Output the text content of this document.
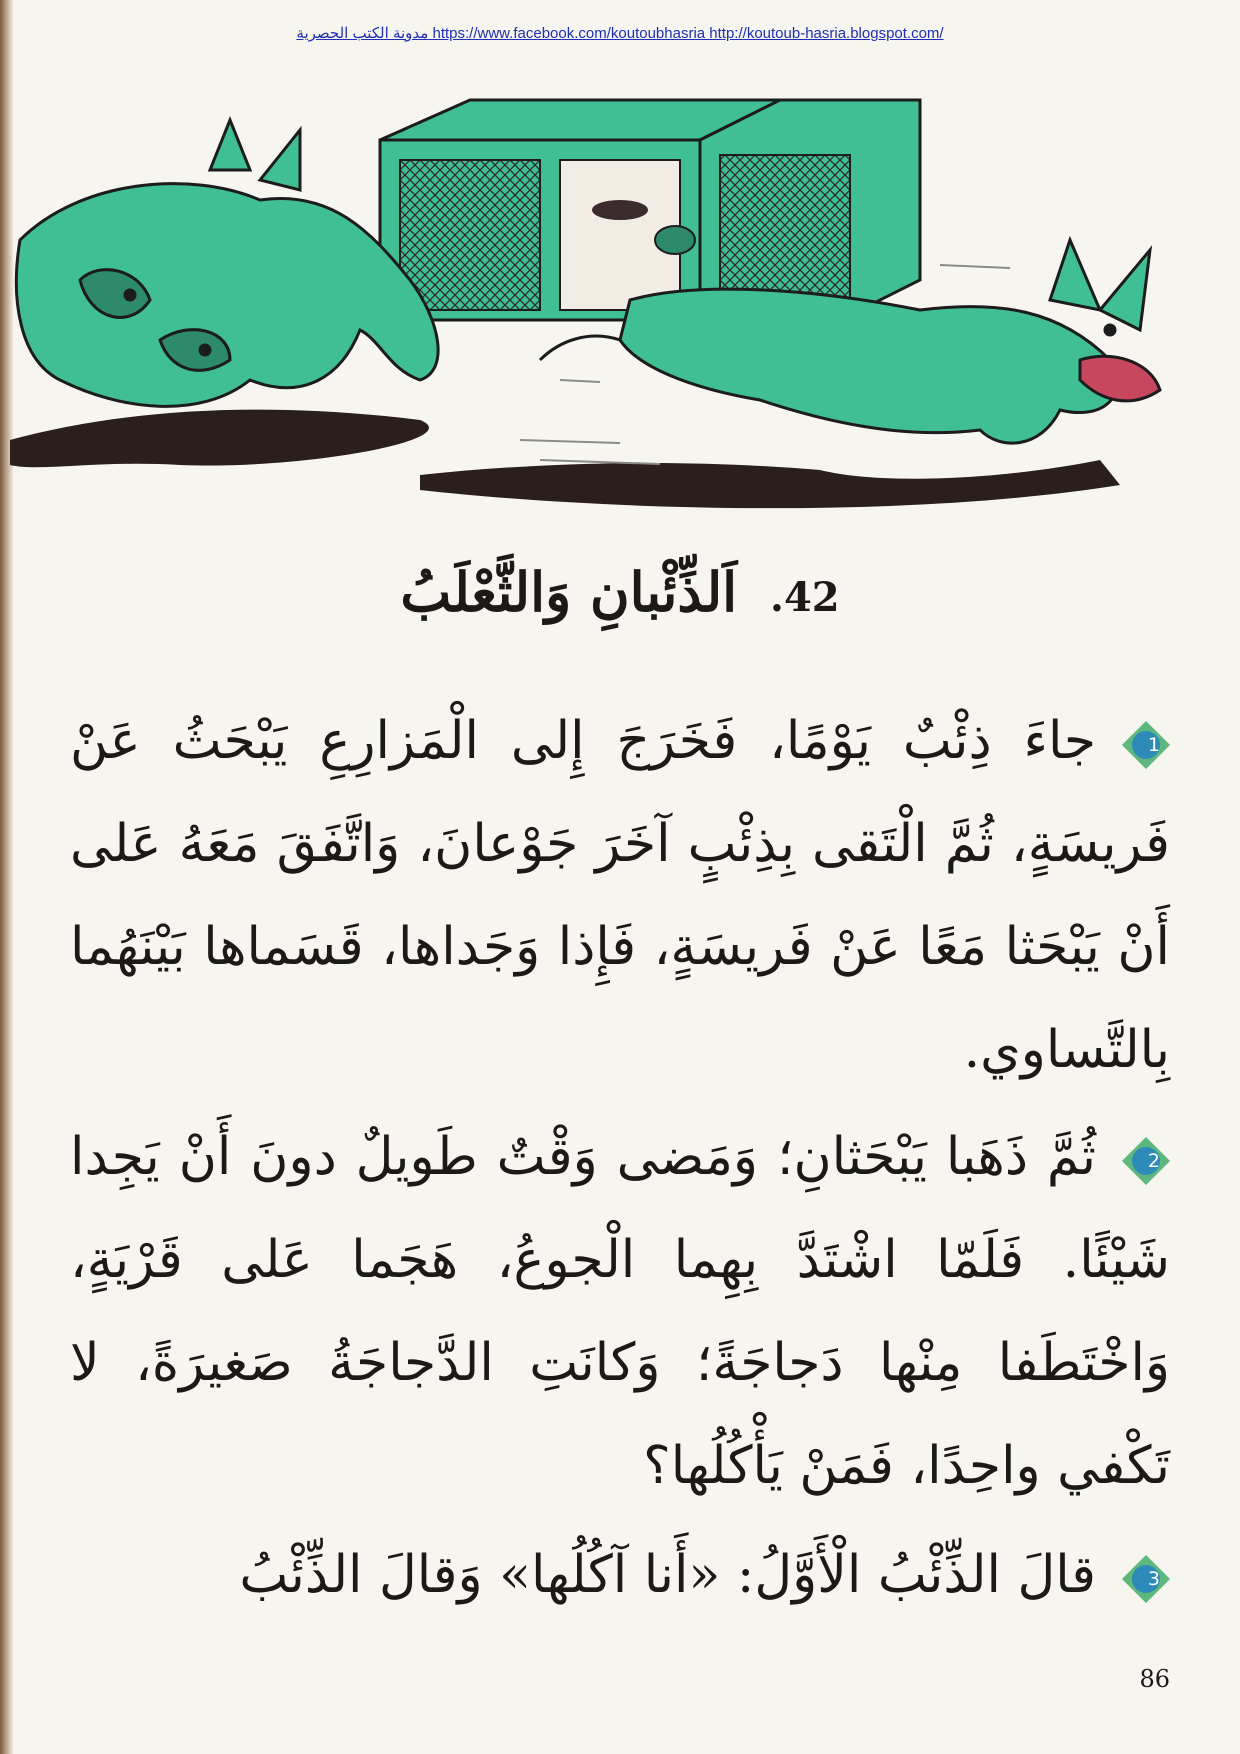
مدونة الكتب الحصرية https://www.facebook.com/koutoubhasria http://koutoub-hasria.blogspot.com/
42. اَلذِّئْبانِ وَالثَّعْلَبُ
1
جاءَ ذِئْبٌ يَوْمًا، فَخَرَجَ إِلى الْمَزارِعِ يَبْحَثُ عَنْ فَريسَةٍ، ثُمَّ الْتَقى بِذِئْبٍ آخَرَ جَوْعانَ، وَاتَّفَقَ مَعَهُ عَلى أَنْ يَبْحَثا مَعًا عَنْ فَريسَةٍ، فَإِذا وَجَداها، قَسَماها بَيْنَهُما بِالتَّساوي.
2
ثُمَّ ذَهَبا يَبْحَثانِ؛ وَمَضى وَقْتٌ طَويلٌ دونَ أَنْ يَجِدا شَيْئًا. فَلَمّا اشْتَدَّ بِهِما الْجوعُ، هَجَما عَلى قَرْيَةٍ، وَاخْتَطَفا مِنْها دَجاجَةً؛ وَكانَتِ الدَّجاجَةُ صَغيرَةً، لا تَكْفي واحِدًا، فَمَنْ يَأْكُلُها؟
3
قالَ الذِّئْبُ الْأَوَّلُ: «أَنا آكُلُها» وَقالَ الذِّئْبُ
86
